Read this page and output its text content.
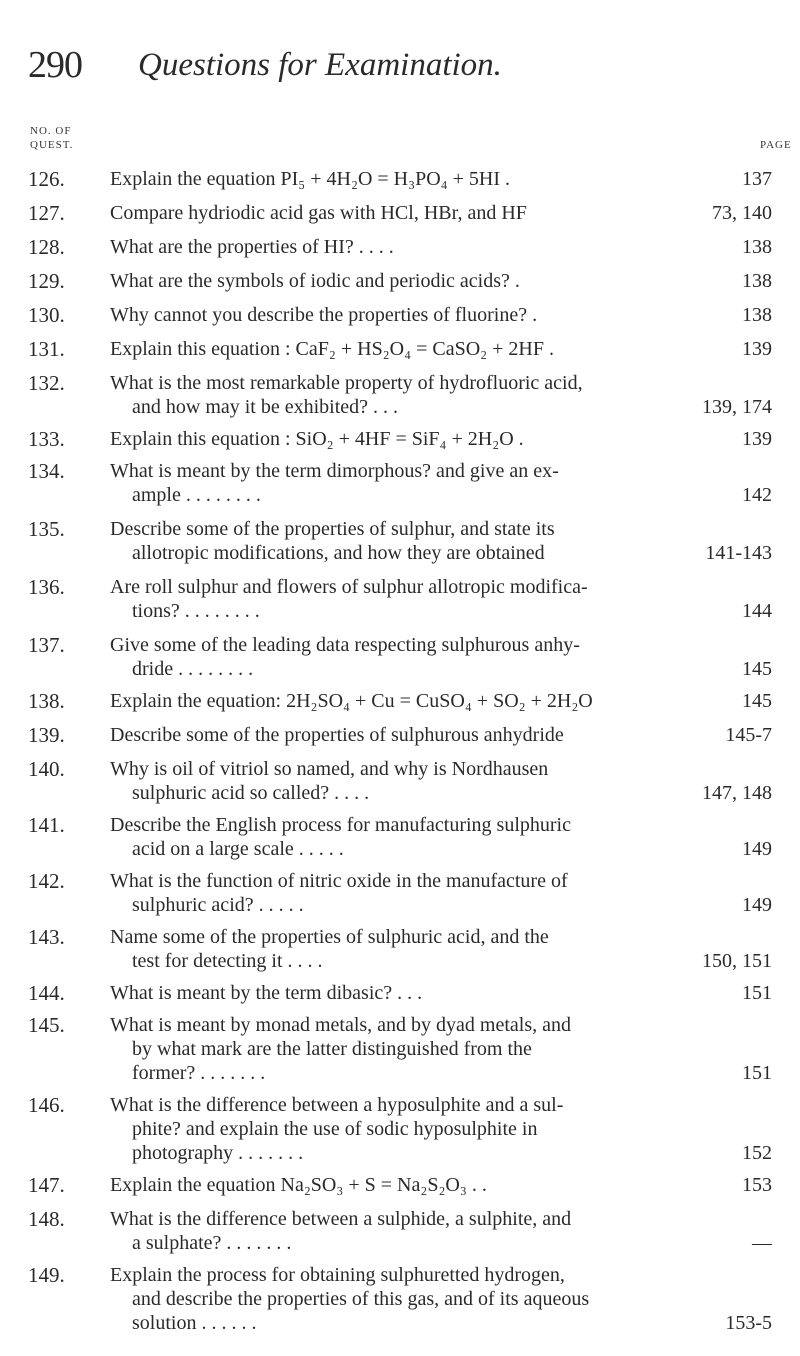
290 Questions for Examination.
NO. OF
QUEST.	PAGE
126. Explain the equation PI₅ + 4H₂O = H₃PO₄ + 5HI .	137
127. Compare hydriodic acid gas with HCl, HBr, and HF	73, 140
128. What are the properties of HI? . . . .	138
129. What are the symbols of iodic and periodic acids? .	138
130. Why cannot you describe the properties of fluorine? .	138
131. Explain this equation : CaF₂ + HS₂O₄ = CaSO₂ + 2HF .	139
132. What is the most remarkable property of hydrofluoric acid,
and how may it be exhibited? . . .	139, 174
133. Explain this equation : SiO₂ + 4HF = SiF₄ + 2H₂O .	139
134. What is meant by the term dimorphous? and give an ex-
ample . . . . . . . .	142
135. Describe some of the properties of sulphur, and state its
allotropic modifications, and how they are obtained	141-143
136. Are roll sulphur and flowers of sulphur allotropic modifica-
tions? . . . . . . . .	144
137. Give some of the leading data respecting sulphurous anhy-
dride . . . . . . . .	145
138. Explain the equation: 2H₂SO₄ + Cu = CuSO₄ + SO₂ + 2H₂O	145
139. Describe some of the properties of sulphurous anhydride	145-7
140. Why is oil of vitriol so named, and why is Nordhausen
sulphuric acid so called? . . . .	147, 148
141. Describe the English process for manufacturing sulphuric
acid on a large scale . . . . .	149
142. What is the function of nitric oxide in the manufacture of
sulphuric acid? . . . . .	149
143. Name some of the properties of sulphuric acid, and the
test for detecting it . . . .	150, 151
144. What is meant by the term dibasic? . . .	151
145. What is meant by monad metals, and by dyad metals, and
by what mark are the latter distinguished from the
former? . . . . . . .	151
146. What is the difference between a hyposulphite and a sul-
phite? and explain the use of sodic hyposulphite in
photography . . . . . . .	152
147. Explain the equation Na₂SO₃ + S = Na₂S₂O₃ . .	153
148. What is the difference between a sulphide, a sulphite, and
a sulphate? . . . . . . .	—
149. Explain the process for obtaining sulphuretted hydrogen,
and describe the properties of this gas, and of its aqueous
solution . . . . . .	153-5
